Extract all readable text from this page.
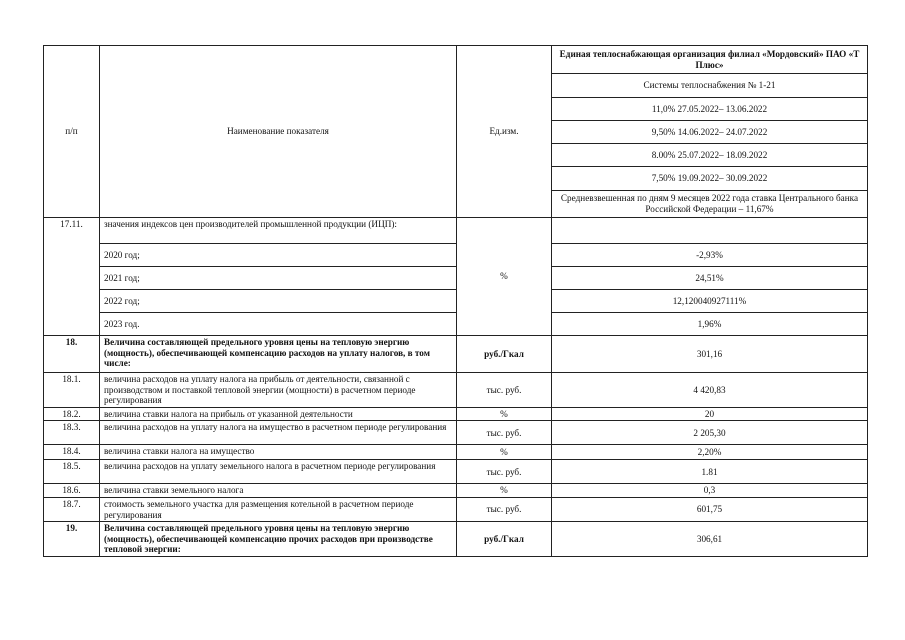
п/п	Наименование показателя	Ед.изм.	Единая теплоснабжающая организация филиал «Мордовский» ПАО «Т Плюс»
			Системы теплоснабжения № 1-21
			11,0% 27.05.2022– 13.06.2022
			9,50% 14.06.2022– 24.07.2022
			8.00% 25.07.2022– 18.09.2022
			7,50% 19.09.2022– 30.09.2022
			Средневзвешенная по дням 9 месяцев 2022 года ставка Центрального банка Российской Федерации – 11,67%
17.11.	значения индексов цен производителей промышленной продукции (ИЦП):	%	
	2020 год;		-2,93%
	2021 год;		24,51%
	2022 год;		12,120040927111%
	2023 год.		1,96%
18.	Величина составляющей предельного уровня цены на тепловую энергию (мощность), обеспечивающей компенсацию расходов на уплату налогов, в том числе:	руб./Гкал	301,16
18.1.	величина расходов на уплату налога на прибыль от деятельности, связанной с производством и поставкой тепловой энергии (мощности) в расчетном периоде регулирования	тыс. руб.	4 420,83
18.2.	величина ставки налога на прибыль от указанной деятельности	%	20
18.3.	величина расходов на уплату налога на имущество в расчетном периоде регулирования	тыс. руб.	2 205,30
18.4.	величина ставки налога на имущество	%	2,20%
18.5.	величина расходов на уплату земельного налога в расчетном периоде регулирования	тыс. руб.	1.81
18.6.	величина ставки земельного налога	%	0,3
18.7.	стоимость земельного участка для размещения котельной в расчетном периоде регулирования	тыс. руб.	601,75
19.	Величина составляющей предельного уровня цены на тепловую энергию (мощность), обеспечивающей компенсацию прочих расходов при производстве тепловой энергии:	руб./Гкал	306,61
